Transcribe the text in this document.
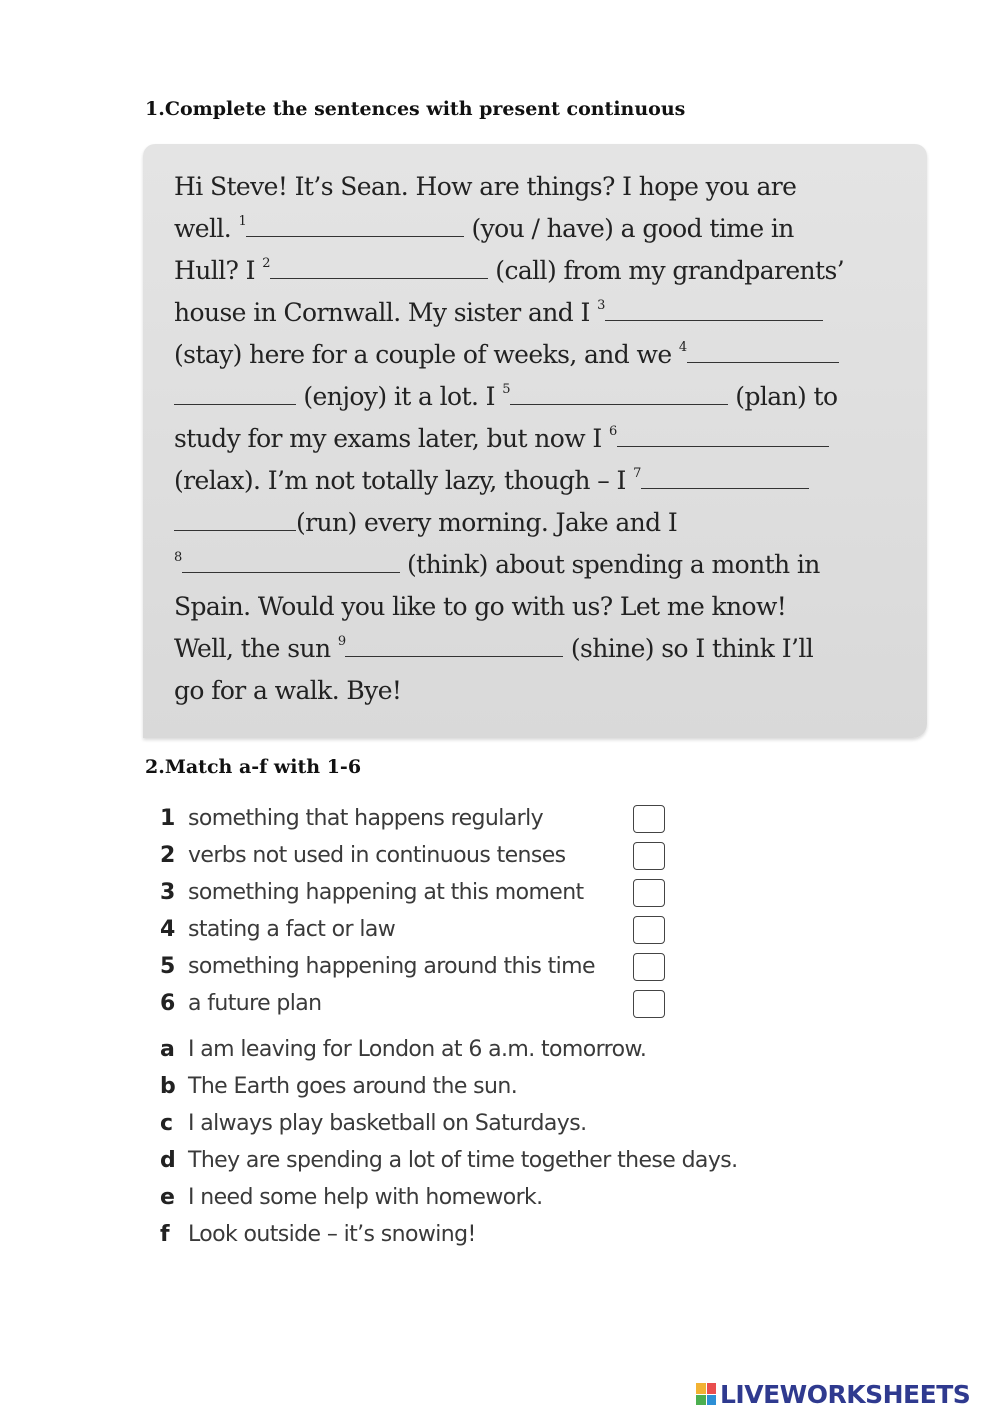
1.Complete the sentences with present continuous
Hi Steve! It’s Sean. How are things? I hope you are
well. $^1$	(you / have) a good time in
Hull? I $^2$	(call) from my grandparents’
house in Cornwall. My sister and I $^3$
(stay) here for a couple of weeks, and we $^4$
(enjoy) it a lot. I $^5$	(plan) to
study for my exams later, but now I $^6$
(relax). I’m not totally lazy, though – I $^7$
(run) every morning. Jake and I
$^8$	(think) about spending a month in
Spain. Would you like to go with us? Let me know!
Well, the sun $^9$	(shine) so I think I’ll
go for a walk. Bye!
2.Match a-f with 1-6
1 something that happens regularly
2 verbs not used in continuous tenses
3 something happening at this moment
4 stating a fact or law
5 something happening around this time
6 a future plan
a I am leaving for London at 6 a.m. tomorrow.
b The Earth goes around the sun.
c I always play basketball on Saturdays.
d They are spending a lot of time together these days.
e I need some help with homework.
f Look outside – it’s snowing!
LIVEWORKSHEETS
